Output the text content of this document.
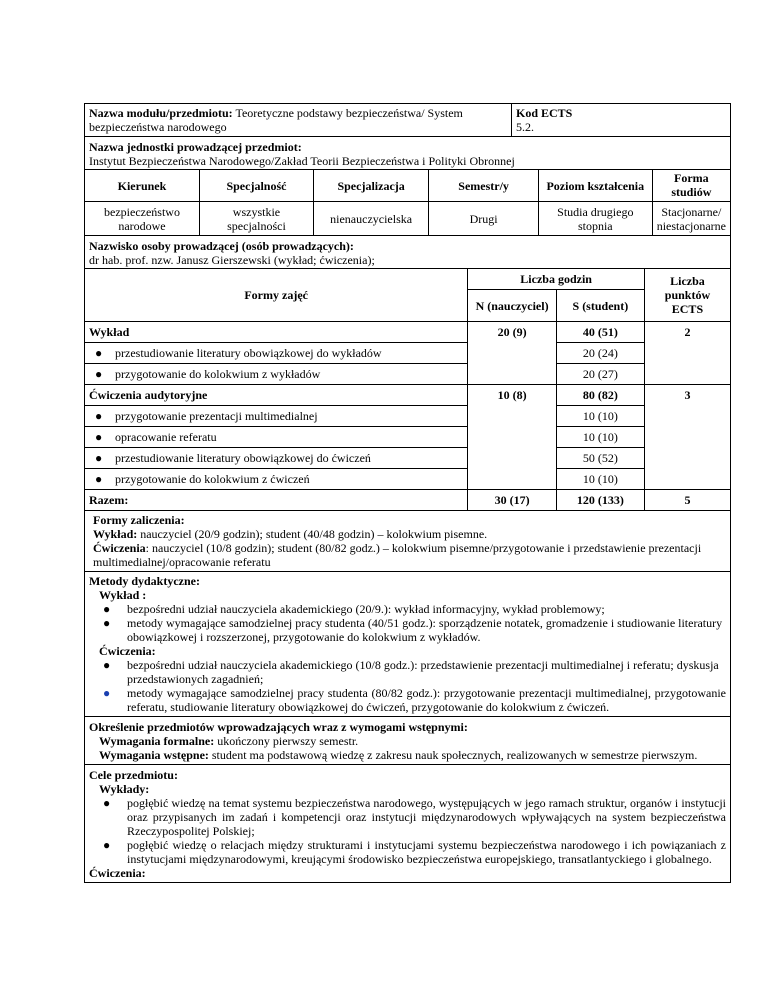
Nazwa modułu/przedmiotu: Teoretyczne podstawy bezpieczeństwa/ System bezpieczeństwa narodowego
Kod ECTS
5.2.
Nazwa jednostki prowadzącej przedmiot:
Instytut Bezpieczeństwa Narodowego/Zakład Teorii Bezpieczeństwa i Polityki Obronnej
Kierunek	Specjalność	Specjalizacja	Semestr/y	Poziom kształcenia	Forma studiów
bezpieczeństwo narodowe	wszystkie specjalności	nienauczycielska	Drugi	Studia drugiego stopnia	Stacjonarne/ niestacjonarne
Nazwisko osoby prowadzącej (osób prowadzących):
dr hab. prof. nzw. Janusz Gierszewski (wykład; ćwiczenia);
Formy zajęć	Liczba godzin		Liczba punktów ECTS
	N (nauczyciel)	S (student)	
Wykład	20 (9)	40 (51)	2

● przestudiowanie literatury obowiązkowej do wykładów		20 (24)	

● przygotowanie do kolokwium z wykładów		20 (27)	
Ćwiczenia audytoryjne	10 (8)	80 (82)	3

● przygotowanie prezentacji multimedialnej		10 (10)	

● opracowanie referatu		10 (10)	

● przestudiowanie literatury obowiązkowej do ćwiczeń		50 (52)	

● przygotowanie do kolokwium z ćwiczeń		10 (10)	
Razem:	30 (17)	120 (133)	5
Formy zaliczenia:
Wykład: nauczyciel (20/9 godzin); student (40/48 godzin) – kolokwium pisemne.
Ćwiczenia: nauczyciel (10/8 godzin); student (80/82 godz.) – kolokwium pisemne/przygotowanie i przedstawienie prezentacji multimedialnej/opracowanie referatu
Metody dydaktyczne:
Wykład :
● bezpośredni udział nauczyciela akademickiego (20/9.): wykład informacyjny, wykład problemowy;
● metody wymagające samodzielnej pracy studenta (40/51 godz.): sporządzenie notatek, gromadzenie i studiowanie literatury obowiązkowej i rozszerzonej, przygotowanie do kolokwium z wykładów.
Ćwiczenia:
● bezpośredni udział nauczyciela akademickiego (10/8 godz.): przedstawienie prezentacji multimedialnej i referatu; dyskusja przedstawionych zagadnień;
● metody wymagające samodzielnej pracy studenta (80/82 godz.): przygotowanie prezentacji multimedialnej, przygotowanie referatu, studiowanie literatury obowiązkowej do ćwiczeń, przygotowanie do kolokwium z ćwiczeń.
Określenie przedmiotów wprowadzających wraz z wymogami wstępnymi:
Wymagania formalne: ukończony pierwszy semestr.
Wymagania wstępne: student ma podstawową wiedzę z zakresu nauk społecznych, realizowanych w semestrze pierwszym.
Cele przedmiotu:
Wykłady:
● pogłębić wiedzę na temat systemu bezpieczeństwa narodowego, występujących w jego ramach struktur, organów i instytucji oraz przypisanych im zadań i kompetencji oraz instytucji międzynarodowych wpływających na system bezpieczeństwa Rzeczypospolitej Polskiej;
● pogłębić wiedzę o relacjach między strukturami i instytucjami systemu bezpieczeństwa narodowego i ich powiązaniach z instytucjami międzynarodowymi, kreującymi środowisko bezpieczeństwa europejskiego, transatlantyckiego i globalnego.
Ćwiczenia:
